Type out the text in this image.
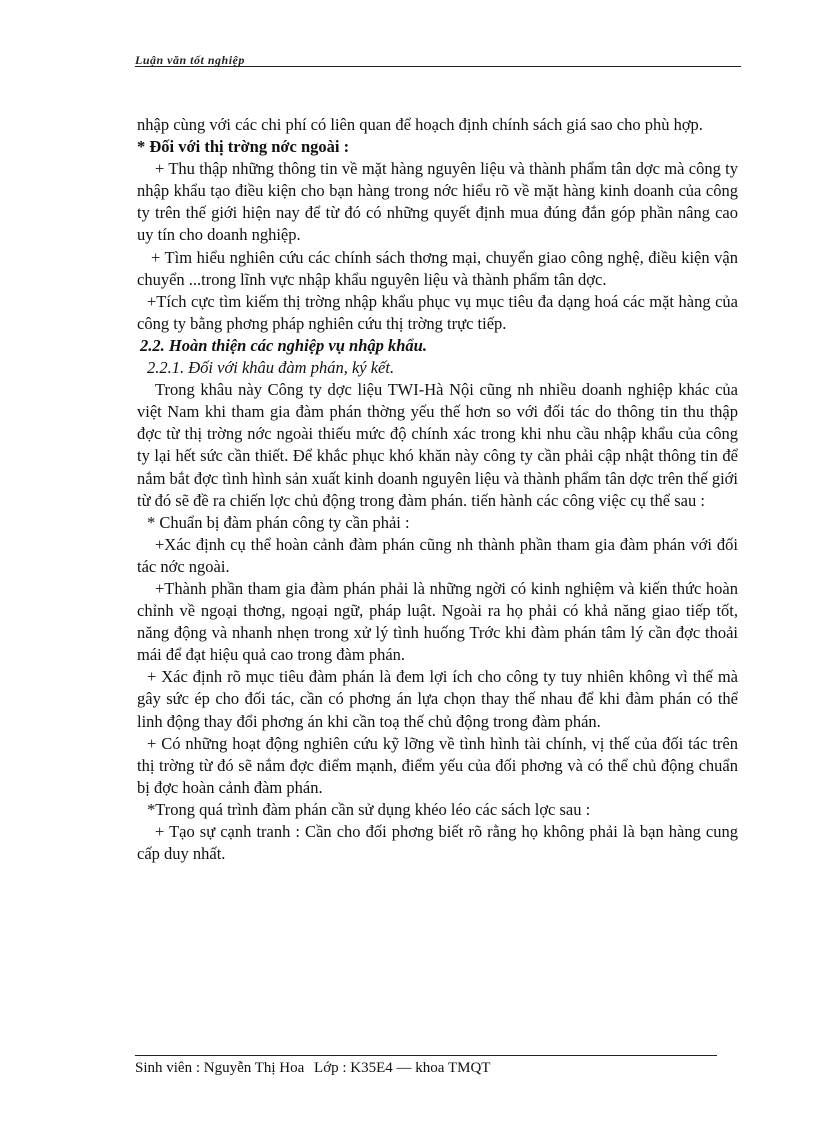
Luận văn tốt nghiệp

nhập cùng với các chi phí có liên quan để hoạch định chính sách giá sao cho phù hợp.

* Đối với thị trờng nớc ngoài :

+ Thu thập những thông tin về mặt hàng nguyên liệu và thành phẩm tân dợc mà công ty nhập khẩu tạo điều kiện cho bạn hàng trong nớc hiểu rõ về mặt hàng kinh doanh của công ty trên thế giới hiện nay để từ đó có những quyết định mua đúng đắn góp phần nâng cao uy tín cho doanh nghiệp.

+ Tìm hiểu nghiên cứu các chính sách thơng mại, chuyển giao công nghệ, điều kiện vận chuyển ...trong lĩnh vực nhập khẩu nguyên liệu và thành phẩm tân dợc.

+Tích cực tìm kiếm thị trờng nhập khẩu phục vụ mục tiêu đa dạng hoá các mặt hàng của công ty bằng phơng pháp nghiên cứu thị trờng trực tiếp.

2.2. Hoàn thiện các nghiệp vụ nhập khẩu.

2.2.1. Đối với khâu đàm phán, ký kết.

Trong khâu này Công ty dợc liệu TWI-Hà Nội cũng nh nhiều doanh nghiệp khác của việt Nam khi tham gia đàm phán thờng yếu thế hơn so với đối tác do thông tin thu thập đợc từ thị trờng nớc ngoài thiếu mức độ chính xác trong khi nhu cầu nhập khẩu của công ty lại hết sức cần thiết. Để khắc phục khó khăn này công ty cần phải cập nhật thông tin để nắm bắt đợc tình hình sản xuất kinh doanh nguyên liệu và thành phẩm tân dợc trên thế giới từ đó sẽ đề ra chiến lợc chủ động trong đàm phán. tiến hành các công việc cụ thể sau :

* Chuẩn bị đàm phán công ty cần phải :

+Xác định cụ thể hoàn cảnh đàm phán cũng nh thành phần tham gia đàm phán với đối tác nớc ngoài.

+Thành phần tham gia đàm phán phải là những ngời có kinh nghiệm và kiến thức hoàn chỉnh về ngoại thơng, ngoại ngữ, pháp luật. Ngoài ra họ phải có khả năng giao tiếp tốt, năng động và nhanh nhẹn trong xử lý tình huống Trớc khi đàm phán tâm lý cần đợc thoải mái để đạt hiệu quả cao trong đàm phán.

+ Xác định rõ mục tiêu đàm phán là đem lợi ích cho công ty tuy nhiên không vì thế mà gây sức ép cho đối tác, cần có phơng án lựa chọn thay thế nhau để khi đàm phán có thể linh động thay đổi phơng án khi cần toạ thế chủ động trong đàm phán.

+ Có những hoạt động nghiên cứu kỹ lỡng về tình hình tài chính, vị thế của đối tác trên thị trờng từ đó sẽ nắm đợc điểm mạnh, điểm yếu của đối phơng và có thể chủ động chuẩn bị đợc hoàn cảnh đàm phán.

*Trong quá trình đàm phán cần sử dụng khéo léo các sách lợc sau :

+ Tạo sự cạnh tranh : Cần cho đối phơng biết rõ rằng họ không phải là bạn hàng cung cấp duy nhất.

Sinh viên : Nguyễn Thị Hoa Lớp : K35E4 — khoa TMQT
